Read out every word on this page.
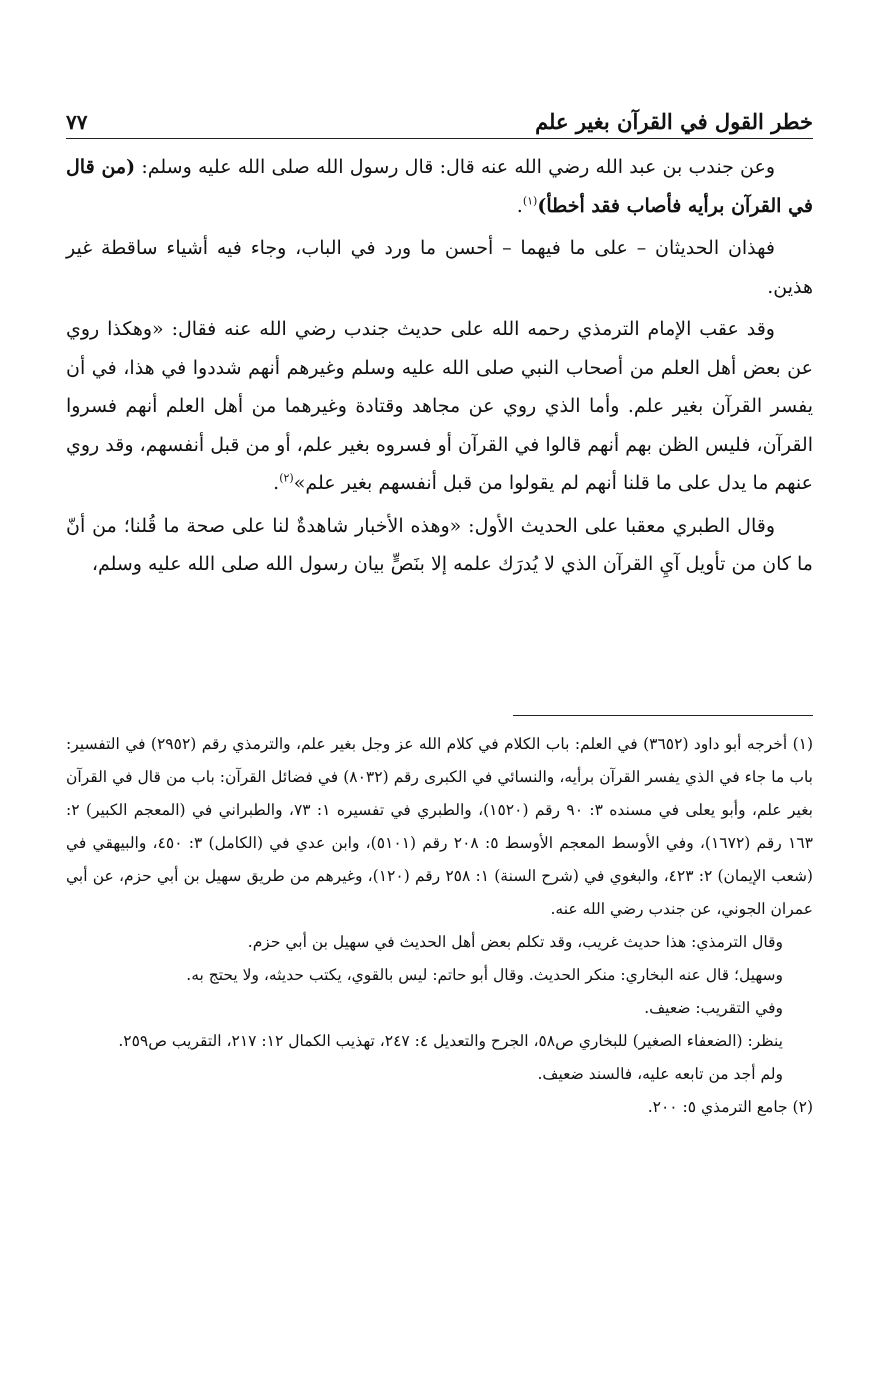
خطر القول في القرآن بغير علم
٧٧

وعن جندب بن عبد الله رضي الله عنه قال: قال رسول الله صلى الله عليه وسلم: (من قال في القرآن برأيه فأصاب فقد أخطأ)$^{(١)}$.

فهذان الحديثان – على ما فيهما – أحسن ما ورد في الباب، وجاء فيه أشياء ساقطة غير هذين.

وقد عقب الإمام الترمذي رحمه الله على حديث جندب رضي الله عنه فقال: «وهكذا روي عن بعض أهل العلم من أصحاب النبي صلى الله عليه وسلم وغيرهم أنهم شددوا في هذا، في أن يفسر القرآن بغير علم. وأما الذي روي عن مجاهد وقتادة وغيرهما من أهل العلم أنهم فسروا القرآن، فليس الظن بهم أنهم قالوا في القرآن أو فسروه بغير علم، أو من قبل أنفسهم، وقد روي عنهم ما يدل على ما قلنا أنهم لم يقولوا من قبل أنفسهم بغير علم»$^{(٢)}$.

وقال الطبري معقبا على الحديث الأول: «وهذه الأخبار شاهدةٌ لنا على صحة ما قُلنا؛ من أنّ ما كان من تأويل آيِ القرآن الذي لا يُدرَك علمه إلا بنَصٍّ بيان رسول الله صلى الله عليه وسلم،

(١) أخرجه أبو داود (٣٦٥٢) في العلم: باب الكلام في كلام الله عز وجل بغير علم، والترمذي رقم (٢٩٥٢) في التفسير: باب ما جاء في الذي يفسر القرآن برأيه، والنسائي في الكبرى رقم (٨٠٣٢) في فضائل القرآن: باب من قال في القرآن بغير علم، وأبو يعلى في مسنده ٣: ٩٠ رقم (١٥٢٠)، والطبري في تفسيره ١: ٧٣، والطبراني في (المعجم الكبير) ٢: ١٦٣ رقم (١٦٧٢)، وفي الأوسط المعجم الأوسط ٥: ٢٠٨ رقم (٥١٠١)، وابن عدي في (الكامل) ٣: ٤٥٠، والبيهقي في (شعب الإيمان) ٢: ٤٢٣، والبغوي في (شرح السنة) ١: ٢٥٨ رقم (١٢٠)، وغيرهم من طريق سهيل بن أبي حزم، عن أبي عمران الجوني، عن جندب رضي الله عنه.

وقال الترمذي: هذا حديث غريب، وقد تكلم بعض أهل الحديث في سهيل بن أبي حزم.

وسهيل؛ قال عنه البخاري: منكر الحديث. وقال أبو حاتم: ليس بالقوي، يكتب حديثه، ولا يحتج به.

وفي التقريب: ضعيف.

ينظر: (الضعفاء الصغير) للبخاري ص٥٨، الجرح والتعديل ٤: ٢٤٧، تهذيب الكمال ١٢: ٢١٧، التقريب ص٢٥٩.

ولم أجد من تابعه عليه، فالسند ضعيف.

(٢) جامع الترمذي ٥: ٢٠٠.
